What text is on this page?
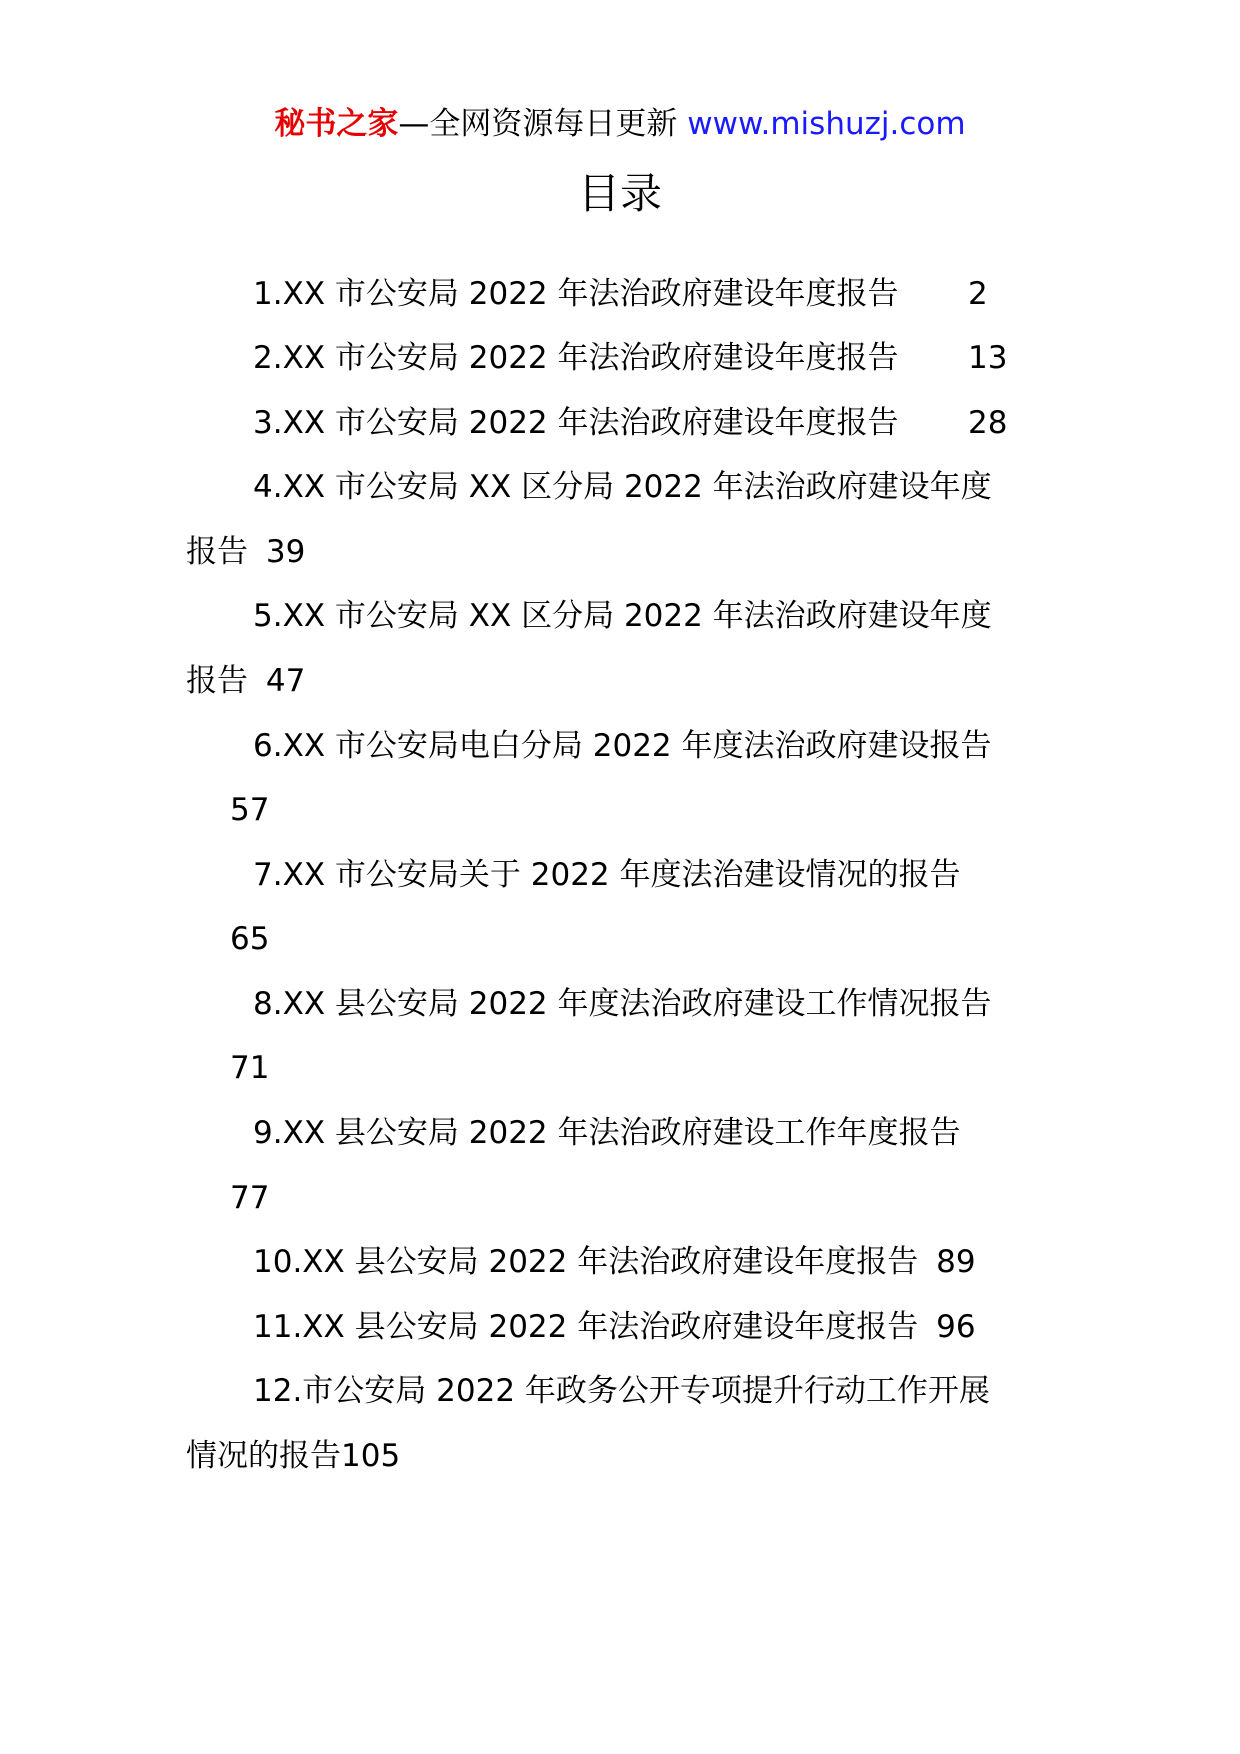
秘书之家—全网资源每日更新 www.mishuzj.com
目录
1.XX 市公安局 2022 年法治政府建设年度报告 2
2.XX 市公安局 2022 年法治政府建设年度报告 13
3.XX 市公安局 2022 年法治政府建设年度报告 28
4.XX 市公安局 XX 区分局 2022 年法治政府建设年度
报告 39
5.XX 市公安局 XX 区分局 2022 年法治政府建设年度
报告 47
6.XX 市公安局电白分局 2022 年度法治政府建设报告
57
7.XX 市公安局关于 2022 年度法治建设情况的报告
65
8.XX 县公安局 2022 年度法治政府建设工作情况报告
71
9.XX 县公安局 2022 年法治政府建设工作年度报告
77
10.XX 县公安局 2022 年法治政府建设年度报告 89
11.XX 县公安局 2022 年法治政府建设年度报告 96
12.市公安局 2022 年政务公开专项提升行动工作开展
情况的报告105
